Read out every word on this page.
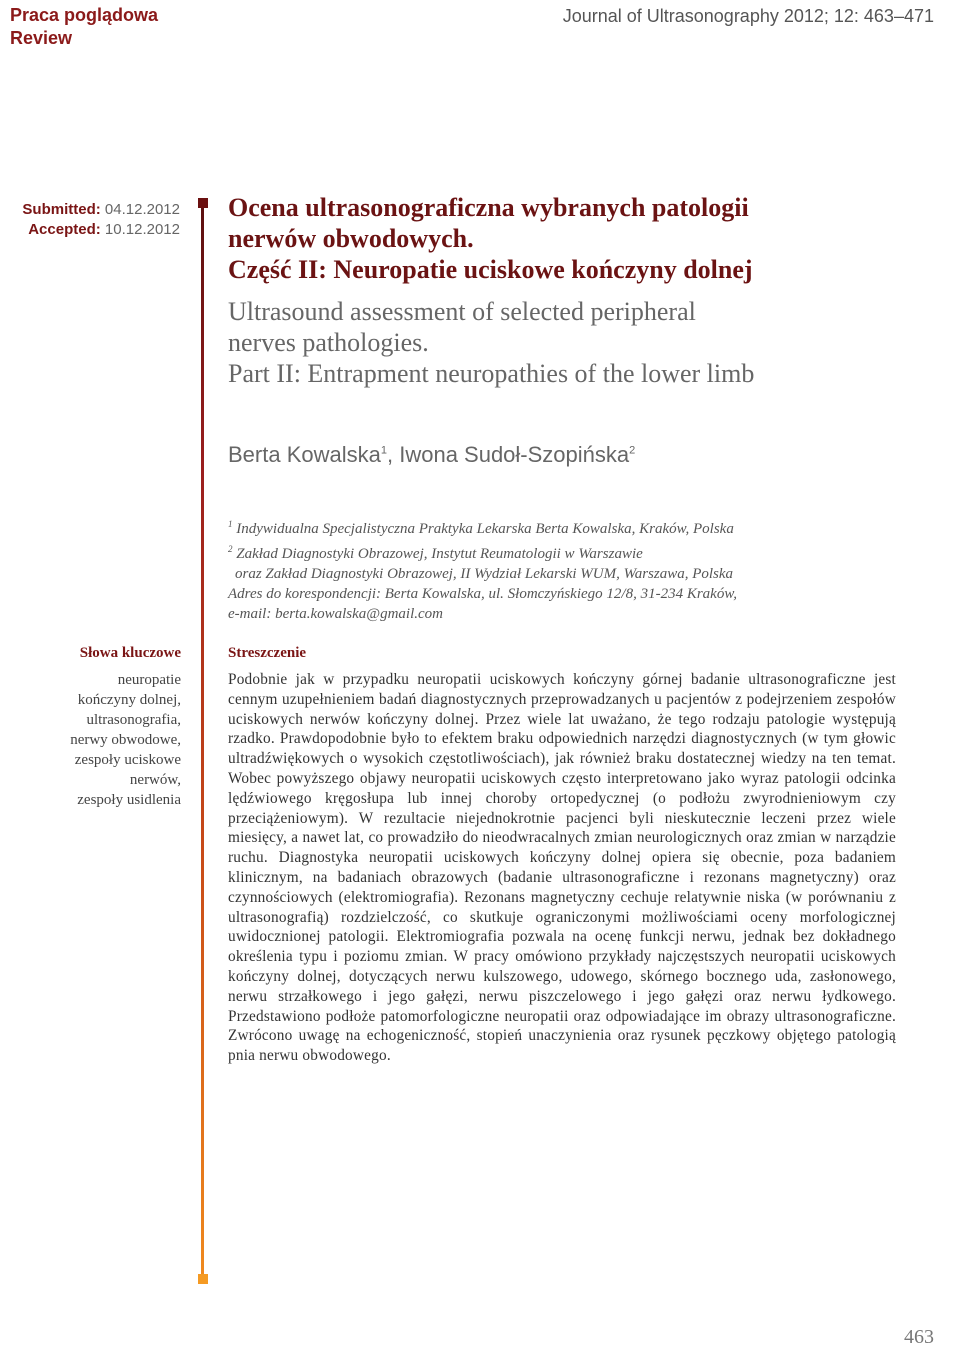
Praca poglądowa
Review
Journal of Ultrasonography 2012; 12: 463–471
Submitted: 04.12.2012
Accepted: 10.12.2012
Ocena ultrasonograficzna wybranych patologii
nerwów obwodowych.
Część II: Neuropatie uciskowe kończyny dolnej
Ultrasound assessment of selected peripheral
nerves pathologies.
Part II: Entrapment neuropathies of the lower limb
Berta Kowalska$^1$, Iwona Sudoł-Szopińska$^2$
$^1$ Indywidualna Specjalistyczna Praktyka Lekarska Berta Kowalska, Kraków, Polska
$^2$ Zakład Diagnostyki Obrazowej, Instytut Reumatologii w Warszawie
oraz Zakład Diagnostyki Obrazowej, II Wydział Lekarski WUM, Warszawa, Polska
Adres do korespondencji: Berta Kowalska, ul. Słomczyńskiego 12/8, 31-234 Kraków,
e-mail: berta.kowalska@gmail.com
Słowa kluczowe
neuropatie
kończyny dolnej,
ultrasonografia,
nerwy obwodowe,
zespoły uciskowe
nerwów,
zespoły usidlenia
Streszczenie
Podobnie jak w przypadku neuropatii uciskowych kończyny górnej badanie ultrasonograficzne jest cennym uzupełnieniem badań diagnostycznych przeprowadzanych u pacjentów z podejrzeniem zespołów uciskowych nerwów kończyny dolnej. Przez wiele lat uważano, że tego rodzaju patologie występują rzadko. Prawdopodobnie było to efektem braku odpowiednich narzędzi diagnostycznych (w tym głowic ultradźwiękowych o wysokich częstotliwościach), jak również braku dostatecznej wiedzy na ten temat. Wobec powyższego objawy neuropatii uciskowych często interpretowano jako wyraz patologii odcinka lędźwiowego kręgosłupa lub innej choroby ortopedycznej (o podłożu zwyrodnieniowym czy przeciążeniowym). W rezultacie niejednokrotnie pacjenci byli nieskutecznie leczeni przez wiele miesięcy, a nawet lat, co prowadziło do nieodwracalnych zmian neurologicznych oraz zmian w narządzie ruchu. Diagnostyka neuropatii uciskowych kończyny dolnej opiera się obecnie, poza badaniem klinicznym, na badaniach obrazowych (badanie ultrasonograficzne i rezonans magnetyczny) oraz czynnościowych (elektromiografia). Rezonans magnetyczny cechuje relatywnie niska (w porównaniu z ultrasonografią) rozdzielczość, co skutkuje ograniczonymi możliwościami oceny morfologicznej uwidocznionej patologii. Elektromiografia pozwala na ocenę funkcji nerwu, jednak bez dokładnego określenia typu i poziomu zmian. W pracy omówiono przykłady najczęstszych neuropatii uciskowych kończyny dolnej, dotyczących nerwu kulszowego, udowego, skórnego bocznego uda, zasłonowego, nerwu strzałkowego i jego gałęzi, nerwu piszczelowego i jego gałęzi oraz nerwu łydkowego. Przedstawiono podłoże patomorfologiczne neuropatii oraz odpowiadające im obrazy ultrasonograficzne. Zwrócono uwagę na echogeniczność, stopień unaczynienia oraz rysunek pęczkowy objętego patologią pnia nerwu obwodowego.
463
